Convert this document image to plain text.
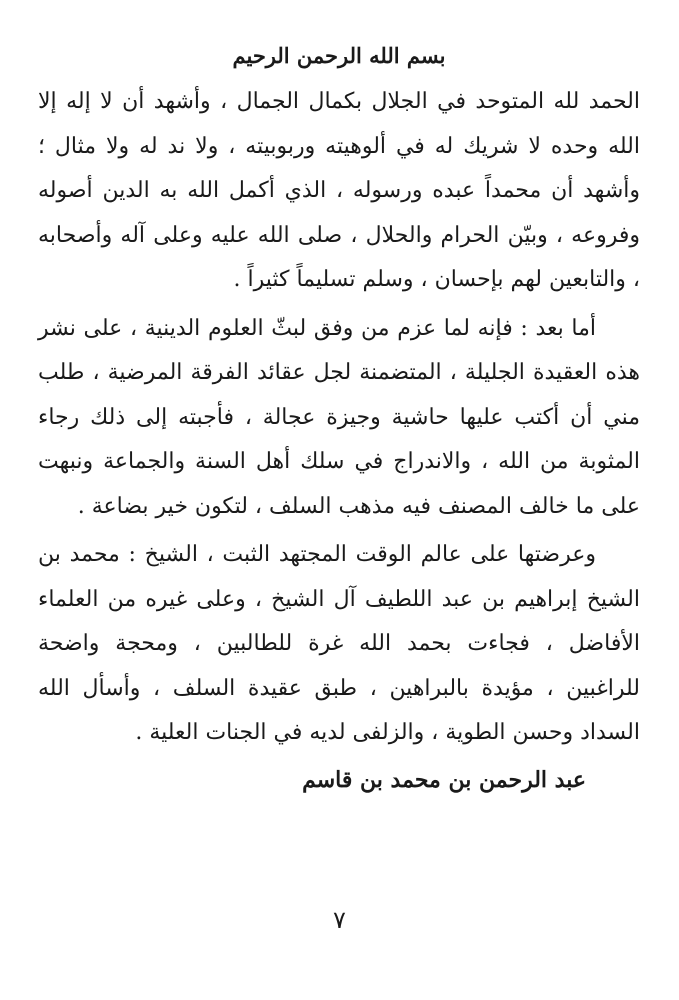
بسم الله الرحمن الرحيم

الحمد لله المتوحد في الجلال بكمال الجمال ، وأشهد أن لا إله إلا الله وحده لا شريك له في ألوهيته وربوبيته ، ولا ند له ولا مثال ؛ وأشهد أن محمداً عبده ورسوله ، الذي أكمل الله به الدين أصوله وفروعه ، وبيّن الحرام والحلال ، صلى الله عليه وعلى آله وأصحابه ، والتابعين لهم بإحسان ، وسلم تسليماً كثيراً .

أما بعد : فإنه لما عزم من وفق لبثّ العلوم الدينية ، على نشر هذه العقيدة الجليلة ، المتضمنة لجل عقائد الفرقة المرضية ، طلب مني أن أكتب عليها حاشية وجيزة عجالة ، فأجبته إلى ذلك رجاء المثوبة من الله ، والاندراج في سلك أهل السنة والجماعة ونبهت على ما خالف المصنف فيه مذهب السلف ، لتكون خير بضاعة .

وعرضتها على عالم الوقت المجتهد الثبت ، الشيخ : محمد بن الشيخ إبراهيم بن عبد اللطيف آل الشيخ ، وعلى غيره من العلماء الأفاضل ، فجاءت بحمد الله غرة للطالبين ، ومحجة واضحة للراغبين ، مؤيدة بالبراهين ، طبق عقيدة السلف ، وأسأل الله السداد وحسن الطوية ، والزلفى لديه في الجنات العلية .

عبد الرحمن بن محمد بن قاسم
٧
